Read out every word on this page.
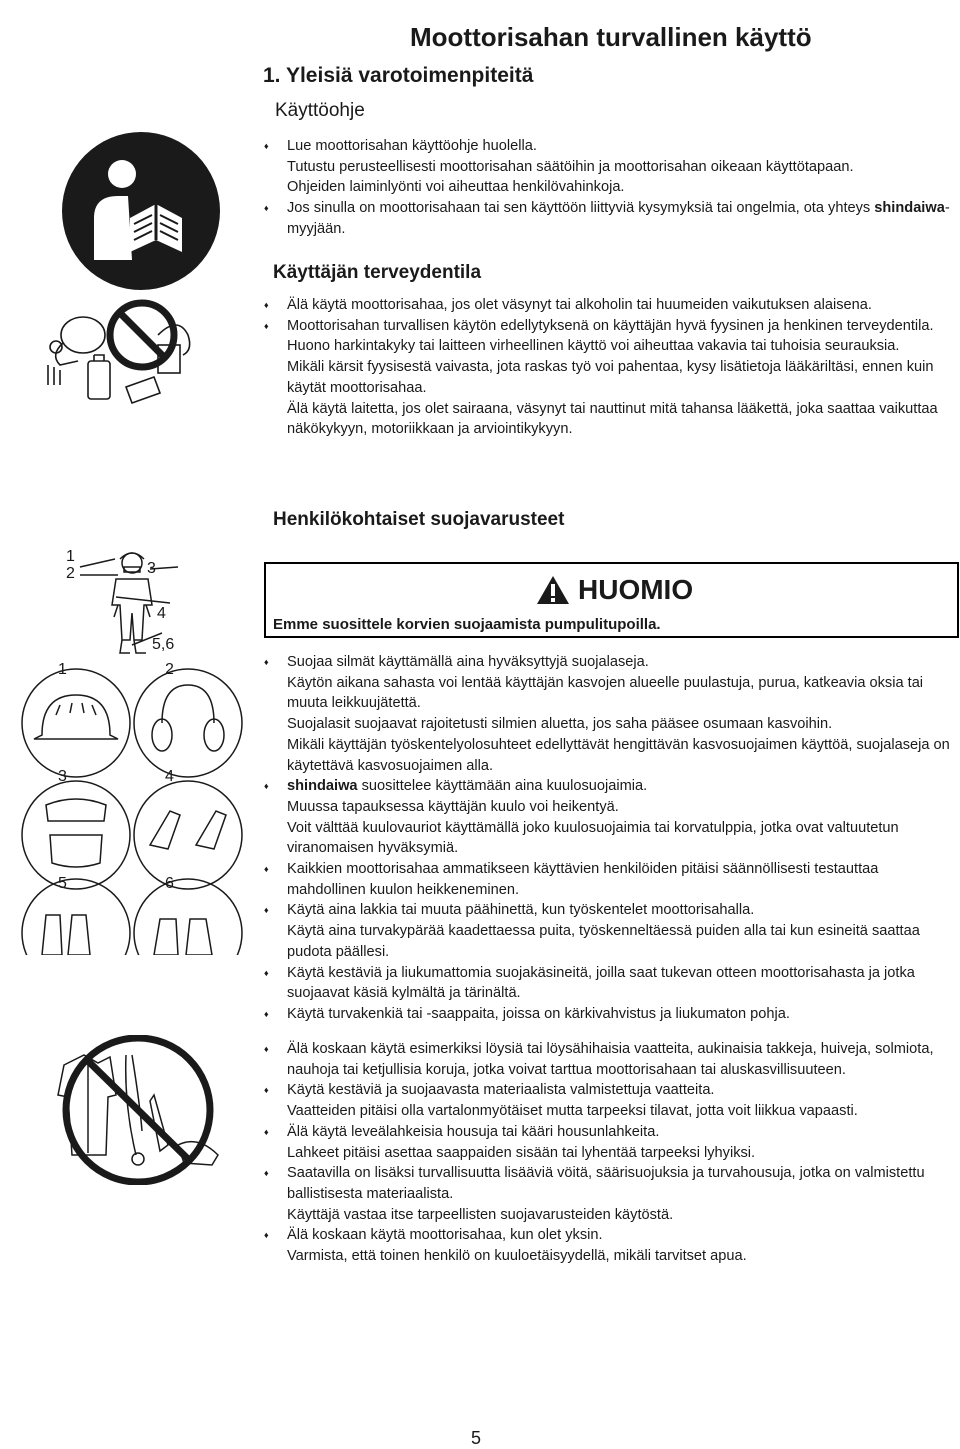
Moottorisahan turvallinen käyttö
1. Yleisiä varotoimenpiteitä
Käyttöohje
♦ Lue moottorisahan käyttöohje huolella.
Tutustu perusteellisesti moottorisahan säätöihin ja moottorisahan oikeaan käyttötapaan.
Ohjeiden laiminlyönti voi aiheuttaa henkilövahinkoja.
♦ Jos sinulla on moottorisahaan tai sen käyttöön liittyviä kysymyksiä tai ongelmia, ota yhteys shindaiwa-myyjään.
Käyttäjän terveydentila
♦ Älä käytä moottorisahaa, jos olet väsynyt tai alkoholin tai huumeiden vaikutuksen alaisena.
♦ Moottorisahan turvallisen käytön edellytyksenä on käyttäjän hyvä fyysinen ja henkinen terveydentila.
Huono harkintakyky tai laitteen virheellinen käyttö voi aiheuttaa vakavia tai tuhoisia seurauksia.
Mikäli kärsit fyysisestä vaivasta, jota raskas työ voi pahentaa, kysy lisätietoja lääkäriltäsi, ennen kuin käytät moottorisahaa.
Älä käytä laitetta, jos olet sairaana, väsynyt tai nauttinut mitä tahansa lääkettä, joka saattaa vaikuttaa näkökykyyn, motoriikkaan ja arviointikykyyn.
Henkilökohtaiset suojavarusteet
1
2	3
4
5,6
1	2
3	4
5	6
HUOMIO
Emme suosittele korvien suojaamista pumpulitupoilla.
♦ Suojaa silmät käyttämällä aina hyväksyttyjä suojalaseja.
Käytön aikana sahasta voi lentää käyttäjän kasvojen alueelle puulastuja, purua, katkeavia oksia tai muuta leikkuujätettä.
Suojalasit suojaavat rajoitetusti silmien aluetta, jos saha pääsee osumaan kasvoihin.
Mikäli käyttäjän työskentelyolosuhteet edellyttävät hengittävän kasvosuojaimen käyttöä, suojalaseja on käytettävä kasvosuojaimen alla.
♦ shindaiwa suosittelee käyttämään aina kuulosuojaimia.
Muussa tapauksessa käyttäjän kuulo voi heikentyä.
Voit välttää kuulovauriot käyttämällä joko kuulosuojaimia tai korvatulppia, jotka ovat valtuutetun viranomaisen hyväksymiä.
♦ Kaikkien moottorisahaa ammatikseen käyttävien henkilöiden pitäisi säännöllisesti testauttaa mahdollinen kuulon heikkeneminen.
♦ Käytä aina lakkia tai muuta päähinettä, kun työskentelet moottorisahalla.
Käytä aina turvakypärää kaadettaessa puita, työskenneltäessä puiden alla tai kun esineitä saattaa pudota päällesi.
♦ Käytä kestäviä ja liukumattomia suojakäsineitä, joilla saat tukevan otteen moottorisahasta ja jotka suojaavat käsiä kylmältä ja tärinältä.
♦ Käytä turvakenkiä tai -saappaita, joissa on kärkivahvistus ja liukumaton pohja.
♦ Älä koskaan käytä esimerkiksi löysiä tai löysähihaisia vaatteita, aukinaisia takkeja, huiveja, solmiota, nauhoja tai ketjullisia koruja, jotka voivat tarttua moottorisahaan tai aluskasvillisuuteen.
♦ Käytä kestäviä ja suojaavasta materiaalista valmistettuja vaatteita.
Vaatteiden pitäisi olla vartalonmyötäiset mutta tarpeeksi tilavat, jotta voit liikkua vapaasti.
♦ Älä käytä leveälahkeisia housuja tai kääri housunlahkeita.
Lahkeet pitäisi asettaa saappaiden sisään tai lyhentää tarpeeksi lyhyiksi.
♦ Saatavilla on lisäksi turvallisuutta lisääviä vöitä, säärisuojuksia ja turvahousuja, jotka on valmistettu ballistisesta materiaalista.
Käyttäjä vastaa itse tarpeellisten suojavarusteiden käytöstä.
♦ Älä koskaan käytä moottorisahaa, kun olet yksin.
Varmista, että toinen henkilö on kuuloetäisyydellä, mikäli tarvitset apua.
5
